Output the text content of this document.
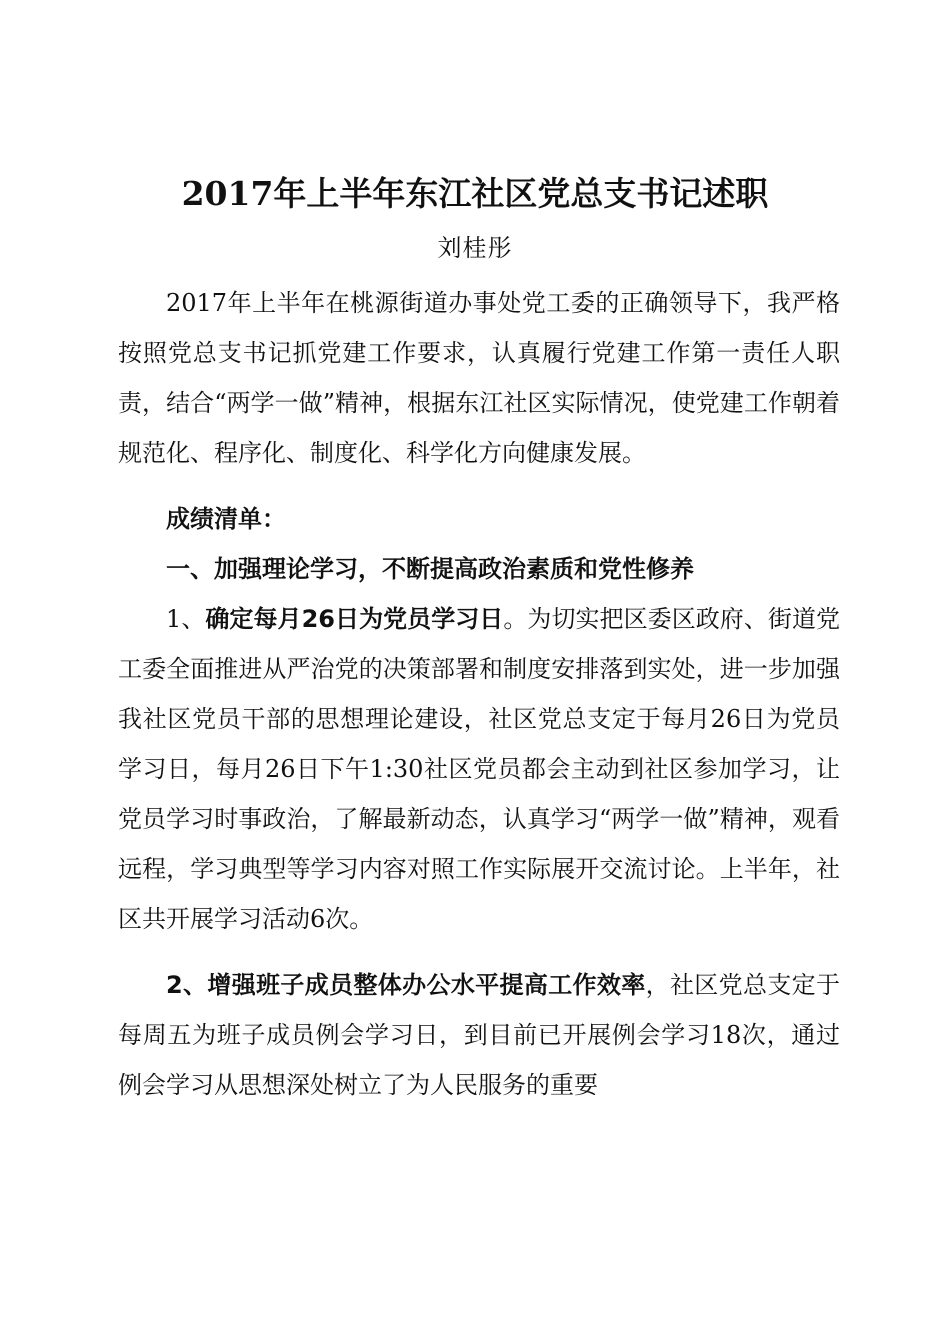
2017年上半年东江社区党总支书记述职
刘桂彤

2017年上半年在桃源街道办事处党工委的正确领导下，我严格按照党总支书记抓党建工作要求，认真履行党建工作第一责任人职责，结合“两学一做”精神，根据东江社区实际情况，使党建工作朝着规范化、程序化、制度化、科学化方向健康发展。

成绩清单：

一、加强理论学习，不断提高政治素质和党性修养

1、确定每月26日为党员学习日。为切实把区委区政府、街道党工委全面推进从严治党的决策部署和制度安排落到实处，进一步加强我社区党员干部的思想理论建设，社区党总支定于每月26日为党员学习日，每月26日下午1:30社区党员都会主动到社区参加学习，让党员学习时事政治，了解最新动态，认真学习“两学一做”精神，观看远程，学习典型等学习内容对照工作实际展开交流讨论。上半年，社区共开展学习活动6次。

2、增强班子成员整体办公水平提高工作效率，社区党总支定于每周五为班子成员例会学习日，到目前已开展例会学习18次，通过例会学习从思想深处树立了为人民服务的重要
